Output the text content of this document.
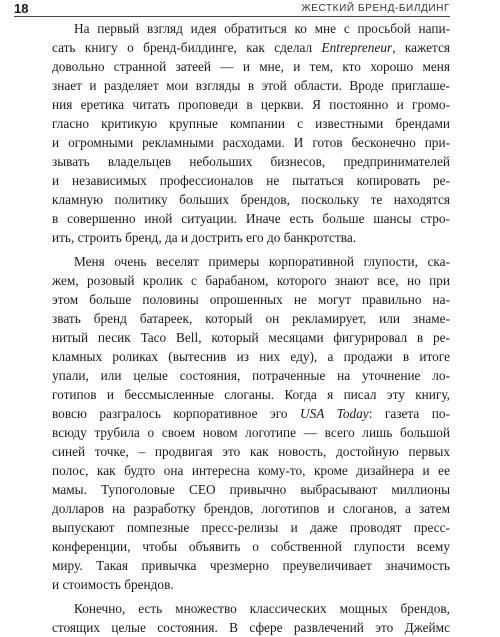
18	ЖЕСТКИЙ БРЕНД-БИЛДИНГ
На первый взгляд идея обратиться ко мне с просьбой напи-
сать книгу о бренд-билдинге, как сделал Entrepreneur, кажется
довольно странной затеей — и мне, и тем, кто хорошо меня
знает и разделяет мои взгляды в этой области. Вроде приглаше-
ния еретика читать проповеди в церкви. Я постоянно и громо-
гласно критикую крупные компании с известными брендами
и огромными рекламными расходами. И готов бесконечно при-
зывать владельцев небольших бизнесов, предпринимателей
и независимых профессионалов не пытаться копировать ре-
кламную политику больших брендов, поскольку те находятся
в совершенно иной ситуации. Иначе есть больше шансы стро-
ить, строить бренд, да и дострить его до банкротства.
Меня очень веселят примеры корпоративной глупости, ска-
жем, розовый кролик с барабаном, которого знают все, но при
этом больше половины опрошенных не могут правильно на-
звать бренд батареек, который он рекламирует, или знаме-
нитый песик Taco Bell, который месяцами фигурировал в ре-
кламных роликах (вытеснив из них еду), а продажи в итоге
упали, или целые состояния, потраченные на уточнение ло-
готипов и бессмысленные слоганы. Когда я писал эту книгу,
вовсю разгралось корпоративное эго USA Today: газета по-
всюду трубила о своем новом логотипе — всего лишь большой
синей точке, – продвигая это как новость, достойную первых
полос, как будто она интересна кому-то, кроме дизайнера и ее
мамы. Тупоголовые CEO привычно выбрасывают миллионы
долларов на разработку брендов, логотипов и слоганов, а затем
выпускают помпезные пресс-релизы и даже проводят пресс-
конференции, чтобы объявить о собственной глупости всему
миру. Такая привычка чрезмерно преувеличивает значимость
и стоимость брендов.
Конечно, есть множество классических мощных брендов,
стоящих целые состояния. В сфере развлечений это Джеймс
